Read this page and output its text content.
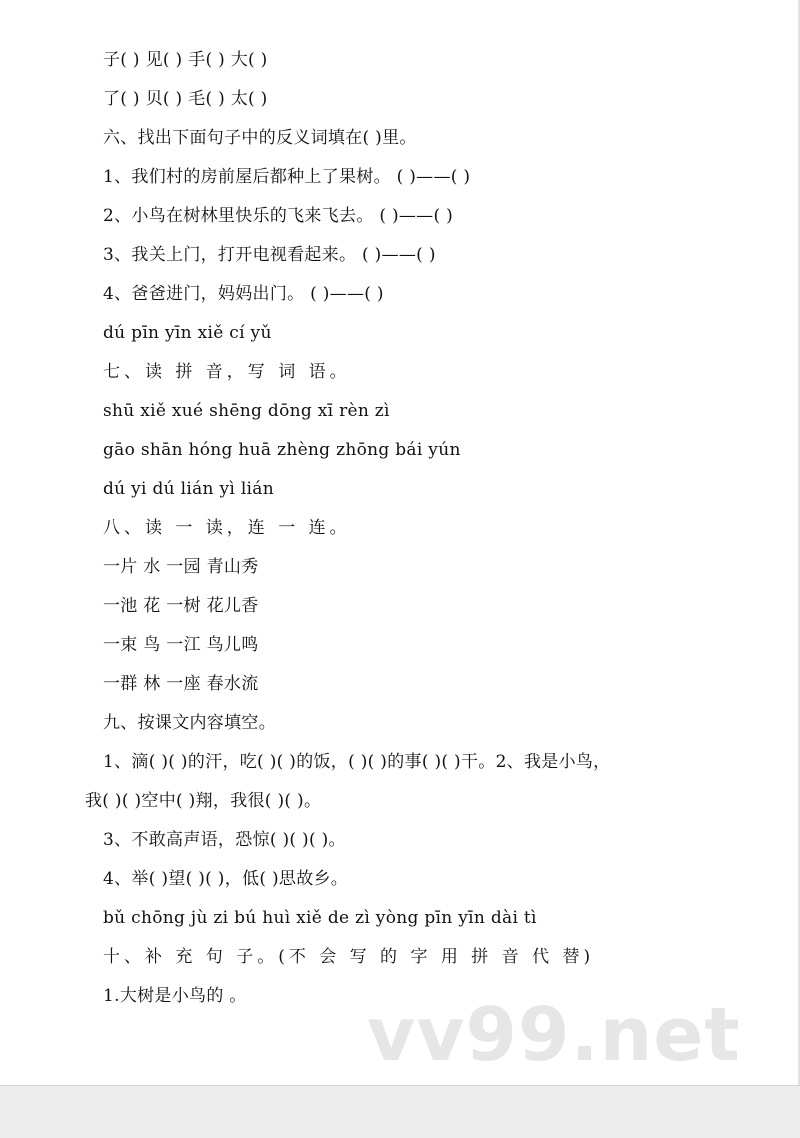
子( ) 见( ) 手( ) 大( )
了( ) 贝( ) 毛( ) 太( )
六、找出下面句子中的反义词填在( )里。
1、我们村的房前屋后都种上了果树。 ( )——( )
2、小鸟在树林里快乐的飞来飞去。 ( )——( )
3、我关上门，打开电视看起来。 ( )——( )
4、爸爸进门，妈妈出门。 ( )——( )
dú pīn yīn xiě cí yǔ
七、读 拼 音，写 词 语。
shū xiě xué shēng dōng xī rèn zì
gāo shān hóng huā zhèng zhōng bái yún
dú yi dú lián yì lián
八、读 一 读，连 一 连。
一片 水 一园 青山秀
一池 花 一树 花儿香
一束 鸟 一江 鸟儿鸣
一群 林 一座 春水流
九、按课文内容填空。
1、滴( )( )的汗，吃( )( )的饭，( )( )的事( )( )干。2、我是小鸟，
我( )( )空中( )翔，我很( )( )。
3、不敢高声语，恐惊( )( )( )。
4、举( )望( )( )，低( )思故乡。
bǔ chōng jù zi bú huì xiě de zì yòng pīn yīn dài tì
十、补 充 句 子。(不 会 写 的 字 用 拼 音 代 替)
1.大树是小鸟的 。 vv99.net
